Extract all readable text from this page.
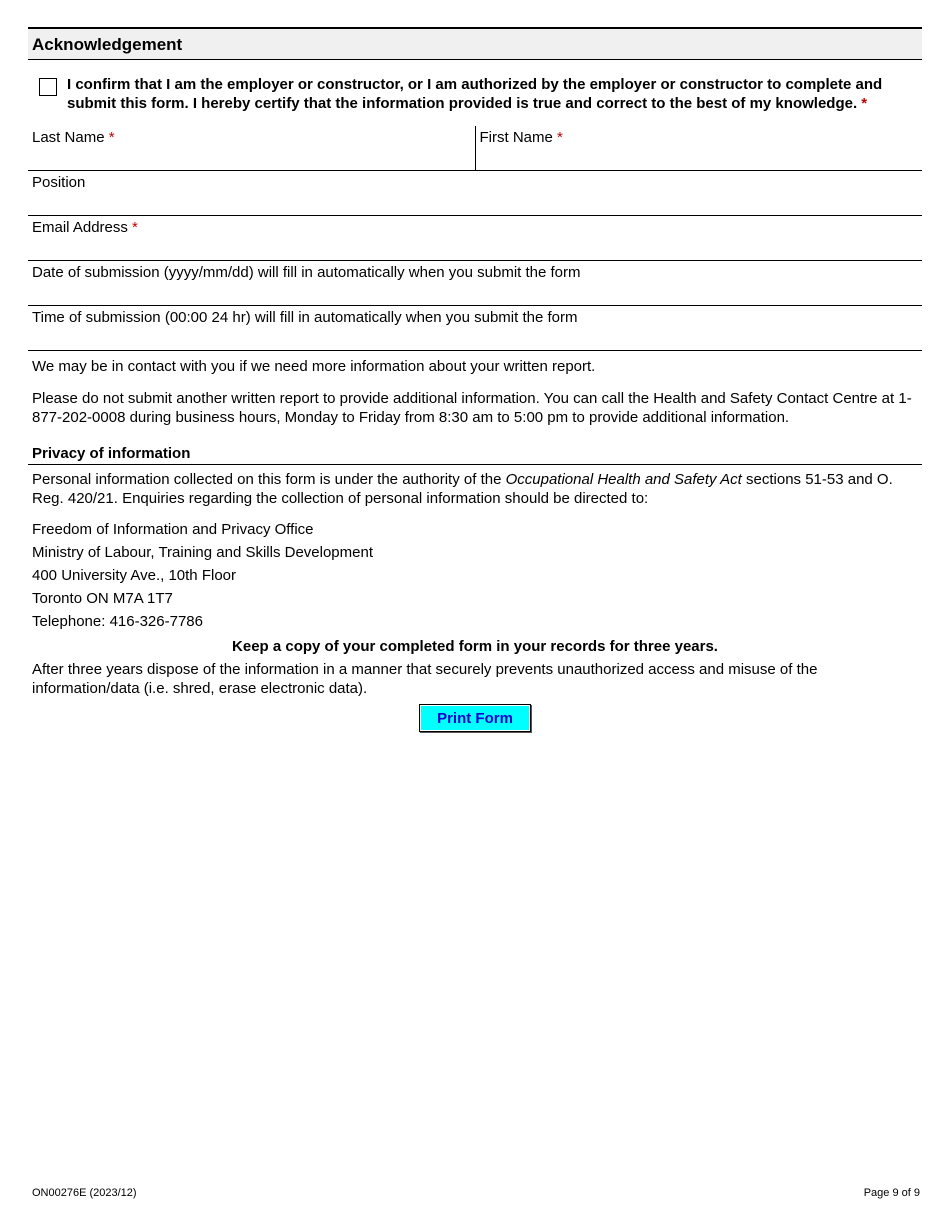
Acknowledgement
I confirm that I am the employer or constructor, or I am authorized by the employer or constructor to complete and submit this form. I hereby certify that the information provided is true and correct to the best of my knowledge. *
Last Name *	First Name *
Position
Email Address *
Date of submission (yyyy/mm/dd) will fill in automatically when you submit the form
Time of submission (00:00 24 hr) will fill in automatically when you submit the form
We may be in contact with you if we need more information about your written report.
Please do not submit another written report to provide additional information. You can call the Health and Safety Contact Centre at 1-877-202-0008 during business hours, Monday to Friday from 8:30 am to 5:00 pm to provide additional information.
Privacy of information
Personal information collected on this form is under the authority of the Occupational Health and Safety Act sections 51-53 and O. Reg. 420/21. Enquiries regarding the collection of personal information should be directed to:
Freedom of Information and Privacy Office
Ministry of Labour, Training and Skills Development
400 University Ave., 10th Floor
Toronto ON M7A 1T7
Telephone: 416-326-7786
Keep a copy of your completed form in your records for three years.
After three years dispose of the information in a manner that securely prevents unauthorized access and misuse of the information/data (i.e. shred, erase electronic data).
Print Form
ON00276E (2023/12)	Page 9 of 9
